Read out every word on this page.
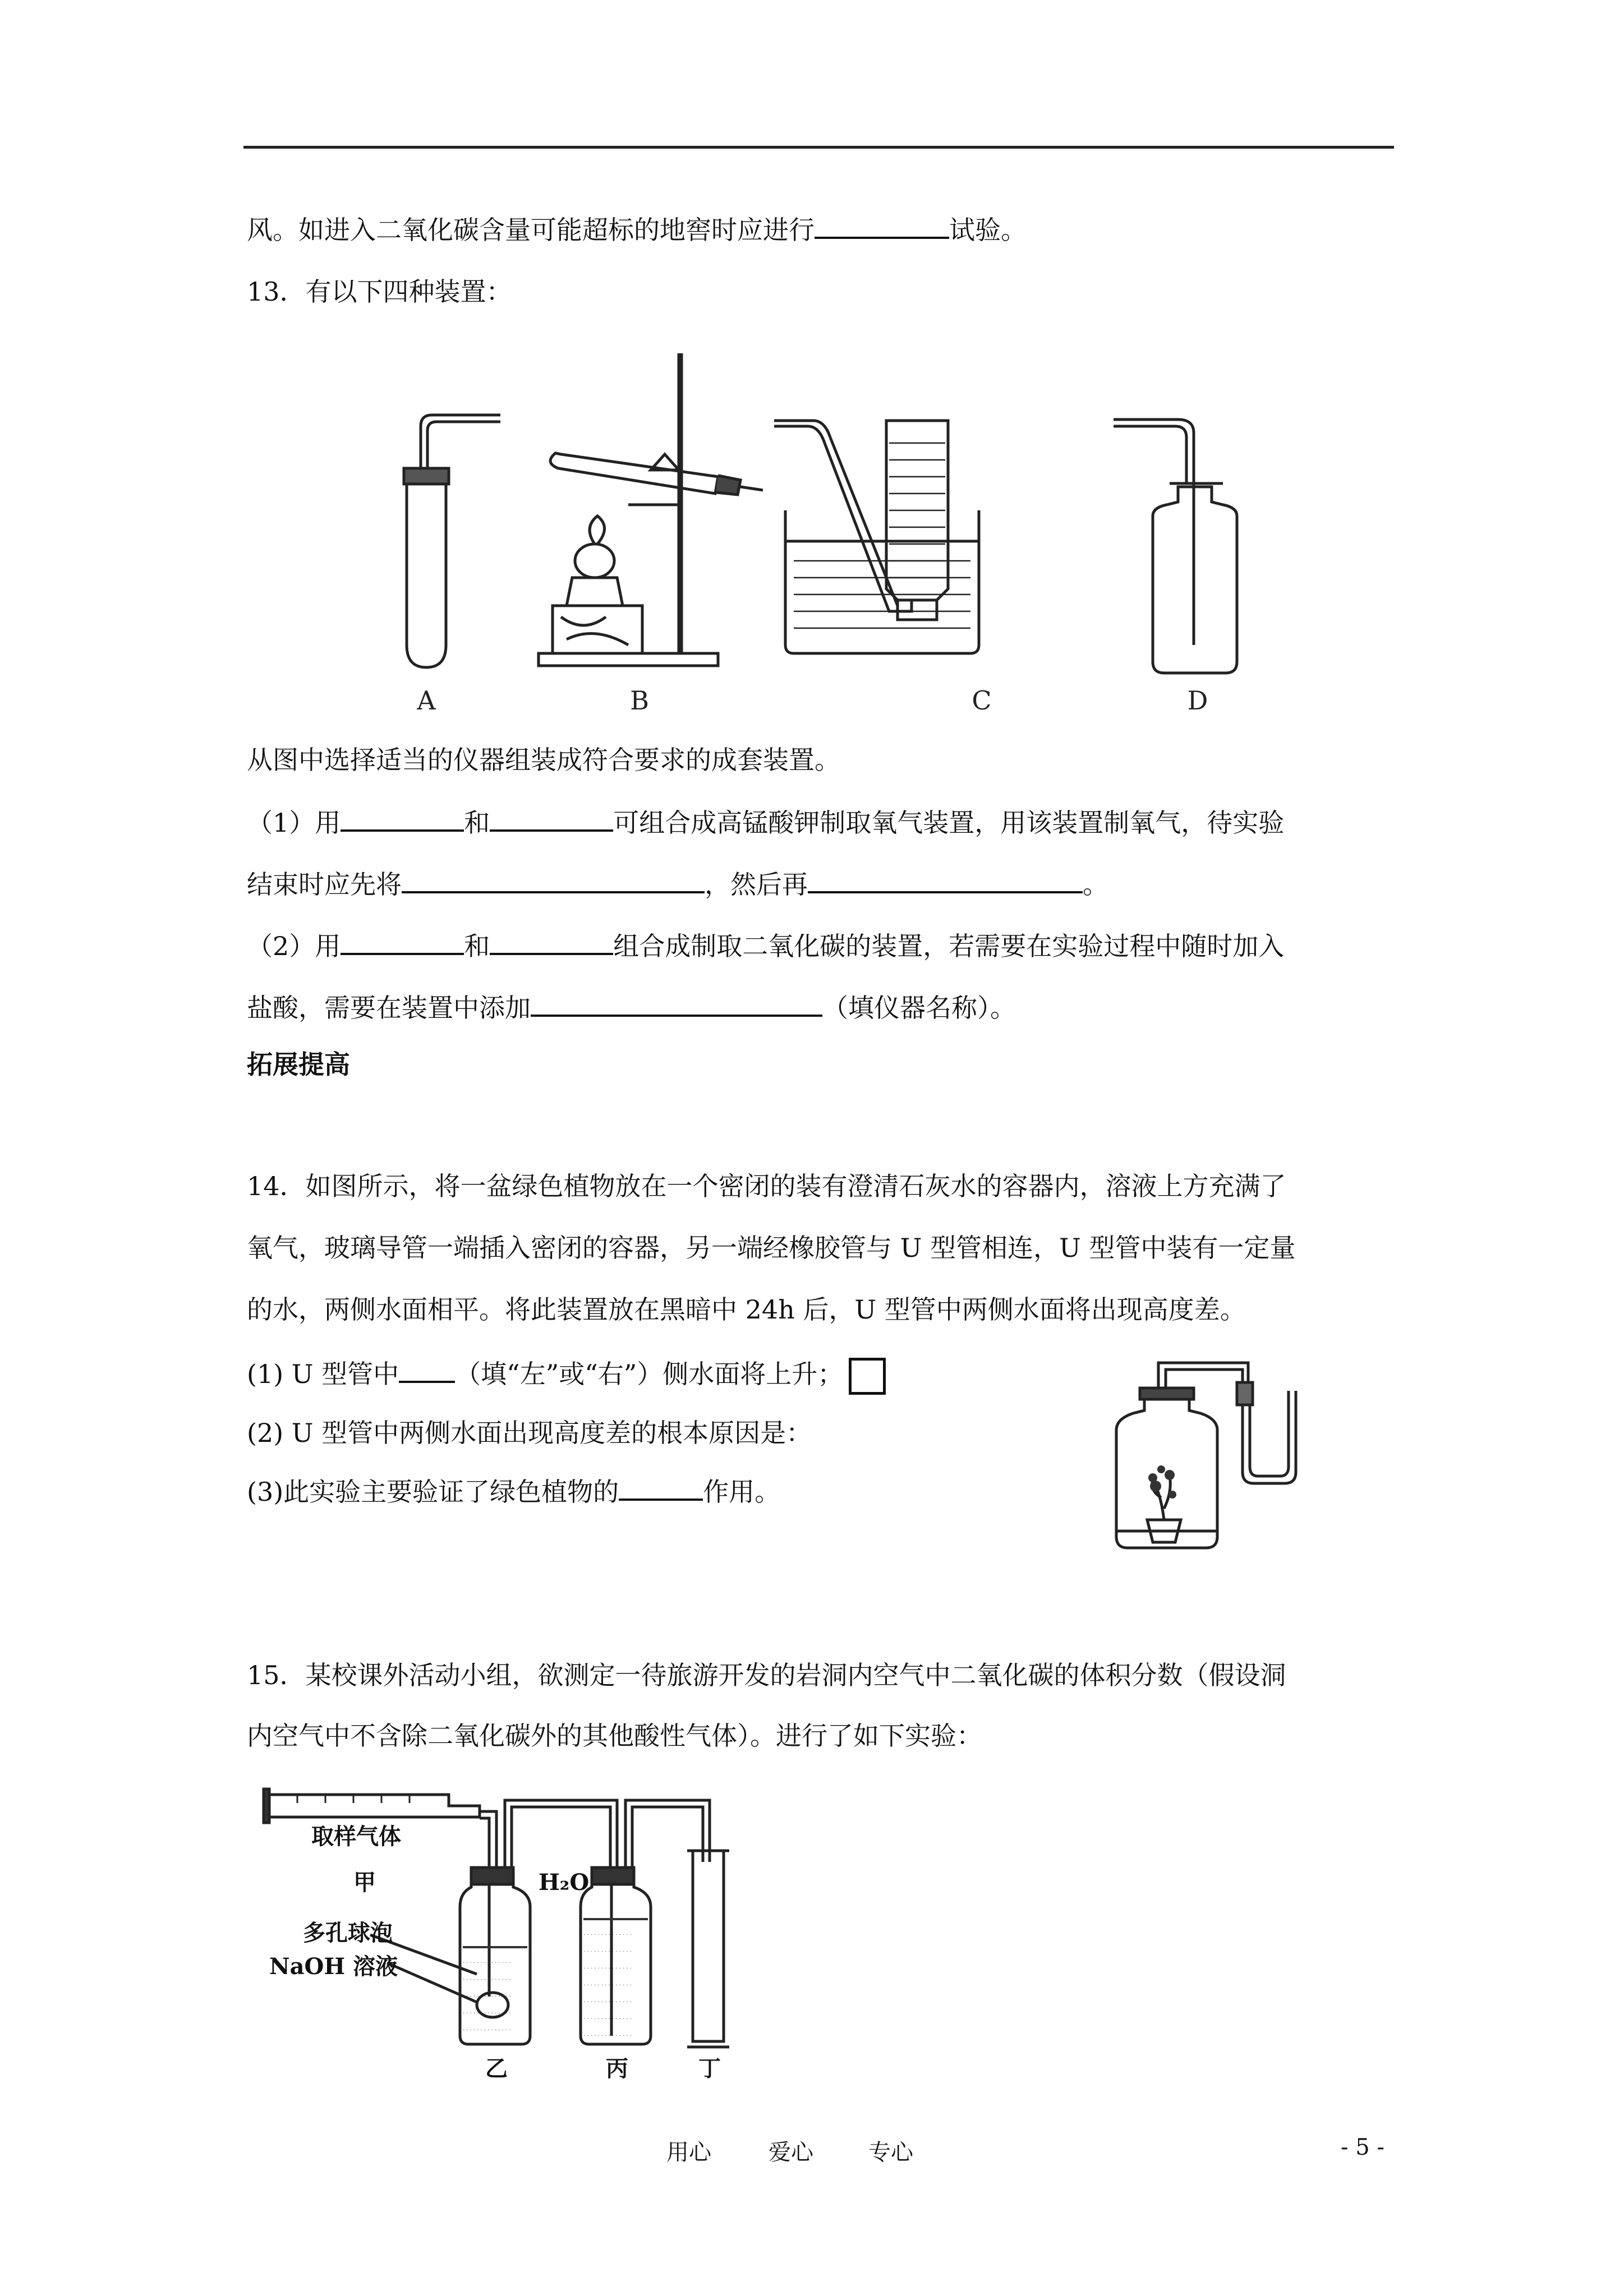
风。如进入二氧化碳含量可能超标的地窖时应进行	试验。
13．有以下四种装置：
A	B	C	D
从图中选择适当的仪器组装成符合要求的成套装置。
（1）用	和	可组合成高锰酸钾制取氧气装置，用该装置制氧气，待实验
结束时应先将	，然后再	。
（2）用	和	组合成制取二氧化碳的装置，若需要在实验过程中随时加入
盐酸，需要在装置中添加	（填仪器名称）。
拓展提高
14．如图所示，将一盆绿色植物放在一个密闭的装有澄清石灰水的容器内，溶液上方充满了
氧气，玻璃导管一端插入密闭的容器，另一端经橡胶管与 U 型管相连，U 型管中装有一定量
的水，两侧水面相平。将此装置放在黑暗中 24h 后，U 型管中两侧水面将出现高度差。
(1) U 型管中 （填“左”或“右”）侧水面将上升；
(2) U 型管中两侧水面出现高度差的根本原因是：
(3)此实验主要验证了绿色植物的	作用。
15．某校课外活动小组，欲测定一待旅游开发的岩洞内空气中二氧化碳的体积分数（假设洞
内空气中不含除二氧化碳外的其他酸性气体）。进行了如下实验：
. . . . . . . . . . . . . .
. . . . . . . . . . . . . .
. . . . . . . . . . . . . .
. . . . . . . . . . . . . .
. . . . . . . . . . . . . .
. . . . . . . . . . . . . .
. . . . . . . . . . . . . .
. . . . . . . . . . . . . .
. . . . . . . . . . . . . .
. . . . . . . . . . . . . .
. . . . . . . . . . . . . .
. . . . . . . . . . . . . .
取样气体
甲
多孔球泡
NaOH 溶液
H₂O
乙	丙	丁
用心	爱心 专心	- 5 -
